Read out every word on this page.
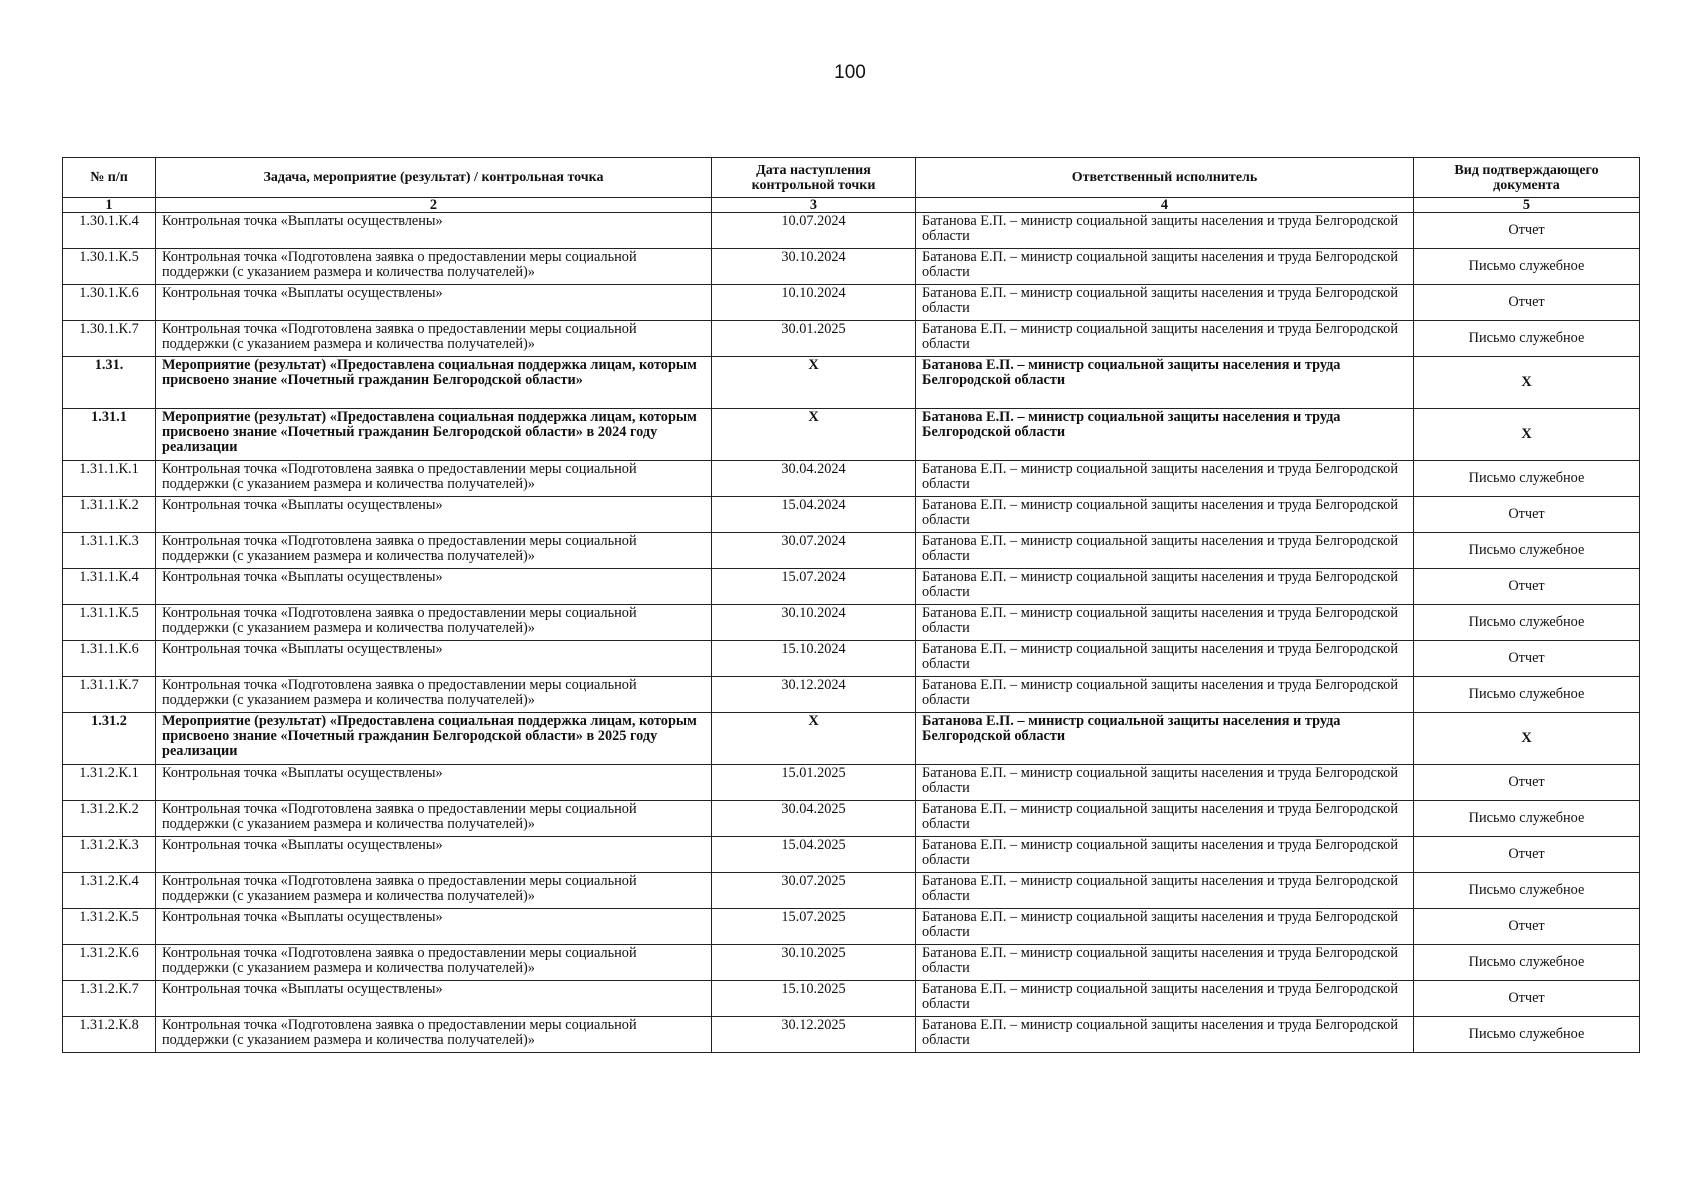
100
№ п/п	Задача, мероприятие (результат) / контрольная точка	Дата наступления контрольной точки	Ответственный исполнитель	Вид подтверждающего документа
1	2	3	4	5
1.30.1.К.4	Контрольная точка «Выплаты осуществлены»	10.07.2024	Батанова Е.П. – министр социальной защиты населения и труда Белгородской области	Отчет
1.30.1.К.5	Контрольная точка «Подготовлена заявка о предоставлении меры социальной поддержки (с указанием размера и количества получателей)»	30.10.2024	Батанова Е.П. – министр социальной защиты населения и труда Белгородской области	Письмо служебное
1.30.1.К.6	Контрольная точка «Выплаты осуществлены»	10.10.2024	Батанова Е.П. – министр социальной защиты населения и труда Белгородской области	Отчет
1.30.1.К.7	Контрольная точка «Подготовлена заявка о предоставлении меры социальной поддержки (с указанием размера и количества получателей)»	30.01.2025	Батанова Е.П. – министр социальной защиты населения и труда Белгородской области	Письмо служебное
1.31.	Мероприятие (результат) «Предоставлена социальная поддержка лицам, которым присвоено знание «Почетный гражданин Белгородской области»	X	Батанова Е.П. – министр социальной защиты населения и труда Белгородской области	X
1.31.1	Мероприятие (результат) «Предоставлена социальная поддержка лицам, которым присвоено знание «Почетный гражданин Белгородской области» в 2024 году реализации	X	Батанова Е.П. – министр социальной защиты населения и труда Белгородской области	X
1.31.1.К.1	Контрольная точка «Подготовлена заявка о предоставлении меры социальной поддержки (с указанием размера и количества получателей)»	30.04.2024	Батанова Е.П. – министр социальной защиты населения и труда Белгородской области	Письмо служебное
1.31.1.К.2	Контрольная точка «Выплаты осуществлены»	15.04.2024	Батанова Е.П. – министр социальной защиты населения и труда Белгородской области	Отчет
1.31.1.К.3	Контрольная точка «Подготовлена заявка о предоставлении меры социальной поддержки (с указанием размера и количества получателей)»	30.07.2024	Батанова Е.П. – министр социальной защиты населения и труда Белгородской области	Письмо служебное
1.31.1.К.4	Контрольная точка «Выплаты осуществлены»	15.07.2024	Батанова Е.П. – министр социальной защиты населения и труда Белгородской области	Отчет
1.31.1.К.5	Контрольная точка «Подготовлена заявка о предоставлении меры социальной поддержки (с указанием размера и количества получателей)»	30.10.2024	Батанова Е.П. – министр социальной защиты населения и труда Белгородской области	Письмо служебное
1.31.1.К.6	Контрольная точка «Выплаты осуществлены»	15.10.2024	Батанова Е.П. – министр социальной защиты населения и труда Белгородской области	Отчет
1.31.1.К.7	Контрольная точка «Подготовлена заявка о предоставлении меры социальной поддержки (с указанием размера и количества получателей)»	30.12.2024	Батанова Е.П. – министр социальной защиты населения и труда Белгородской области	Письмо служебное
1.31.2	Мероприятие (результат) «Предоставлена социальная поддержка лицам, которым присвоено знание «Почетный гражданин Белгородской области» в 2025 году реализации	X	Батанова Е.П. – министр социальной защиты населения и труда Белгородской области	X
1.31.2.К.1	Контрольная точка «Выплаты осуществлены»	15.01.2025	Батанова Е.П. – министр социальной защиты населения и труда Белгородской области	Отчет
1.31.2.К.2	Контрольная точка «Подготовлена заявка о предоставлении меры социальной поддержки (с указанием размера и количества получателей)»	30.04.2025	Батанова Е.П. – министр социальной защиты населения и труда Белгородской области	Письмо служебное
1.31.2.К.3	Контрольная точка «Выплаты осуществлены»	15.04.2025	Батанова Е.П. – министр социальной защиты населения и труда Белгородской области	Отчет
1.31.2.К.4	Контрольная точка «Подготовлена заявка о предоставлении меры социальной поддержки (с указанием размера и количества получателей)»	30.07.2025	Батанова Е.П. – министр социальной защиты населения и труда Белгородской области	Письмо служебное
1.31.2.К.5	Контрольная точка «Выплаты осуществлены»	15.07.2025	Батанова Е.П. – министр социальной защиты населения и труда Белгородской области	Отчет
1.31.2.К.6	Контрольная точка «Подготовлена заявка о предоставлении меры социальной поддержки (с указанием размера и количества получателей)»	30.10.2025	Батанова Е.П. – министр социальной защиты населения и труда Белгородской области	Письмо служебное
1.31.2.К.7	Контрольная точка «Выплаты осуществлены»	15.10.2025	Батанова Е.П. – министр социальной защиты населения и труда Белгородской области	Отчет
1.31.2.К.8	Контрольная точка «Подготовлена заявка о предоставлении меры социальной поддержки (с указанием размера и количества получателей)»	30.12.2025	Батанова Е.П. – министр социальной защиты населения и труда Белгородской области	Письмо служебное
